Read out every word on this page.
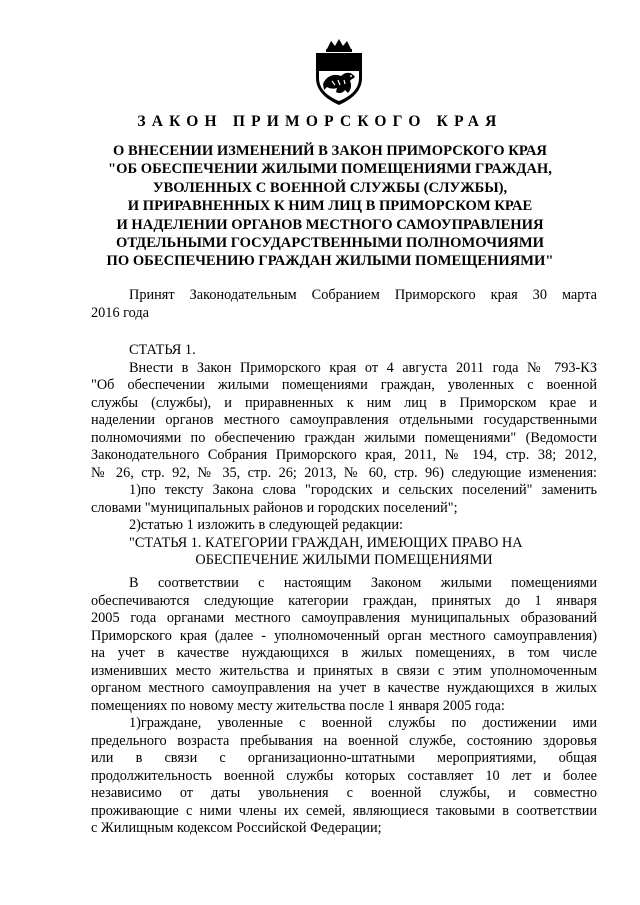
ЗАКОН ПРИМОРСКОГО КРАЯ
О ВНЕСЕНИИ ИЗМЕНЕНИЙ В ЗАКОН ПРИМОРСКОГО КРАЯ
"ОБ ОБЕСПЕЧЕНИИ ЖИЛЫМИ ПОМЕЩЕНИЯМИ ГРАЖДАН,
УВОЛЕННЫХ С ВОЕННОЙ СЛУЖБЫ (СЛУЖБЫ),
И ПРИРАВНЕННЫХ К НИМ ЛИЦ В ПРИМОРСКОМ КРАЕ
И НАДЕЛЕНИИ ОРГАНОВ МЕСТНОГО САМОУПРАВЛЕНИЯ
ОТДЕЛЬНЫМИ ГОСУДАРСТВЕННЫМИ ПОЛНОМОЧИЯМИ
ПО ОБЕСПЕЧЕНИЮ ГРАЖДАН ЖИЛЫМИ ПОМЕЩЕНИЯМИ"
Принят Законодательным Собранием Приморского края 30 марта
2016 года
СТАТЬЯ 1.
Внести в Закон Приморского края от 4 августа 2011 года № 793-КЗ
"Об обеспечении жилыми помещениями граждан, уволенных с военной
службы (службы), и приравненных к ним лиц в Приморском крае и
наделении органов местного самоуправления отдельными государственными
полномочиями по обеспечению граждан жилыми помещениями" (Ведомости
Законодательного Собрания Приморского края, 2011, № 194, стр. 38; 2012,
№ 26, стр. 92, № 35, стр. 26; 2013, № 60, стр. 96) следующие изменения:
1)по тексту Закона слова "городских и сельских поселений" заменить
словами "муниципальных районов и городских поселений";
2)статью 1 изложить в следующей редакции:
"СТАТЬЯ 1. КАТЕГОРИИ ГРАЖДАН, ИМЕЮЩИХ ПРАВО НА
ОБЕСПЕЧЕНИЕ ЖИЛЫМИ ПОМЕЩЕНИЯМИ
В соответствии с настоящим Законом жилыми помещениями
обеспечиваются следующие категории граждан, принятых до 1 января
2005 года органами местного самоуправления муниципальных образований
Приморского края (далее - уполномоченный орган местного самоуправления)
на учет в качестве нуждающихся в жилых помещениях, в том числе
изменивших место жительства и принятых в связи с этим уполномоченным
органом местного самоуправления на учет в качестве нуждающихся в жилых
помещениях по новому месту жительства после 1 января 2005 года:
1)граждане, уволенные с военной службы по достижении ими
предельного возраста пребывания на военной службе, состоянию здоровья
или в связи с организационно-штатными мероприятиями, общая
продолжительность военной службы которых составляет 10 лет и более
независимо от даты увольнения с военной службы, и совместно
проживающие с ними члены их семей, являющиеся таковыми в соответствии
с Жилищным кодексом Российской Федерации;
